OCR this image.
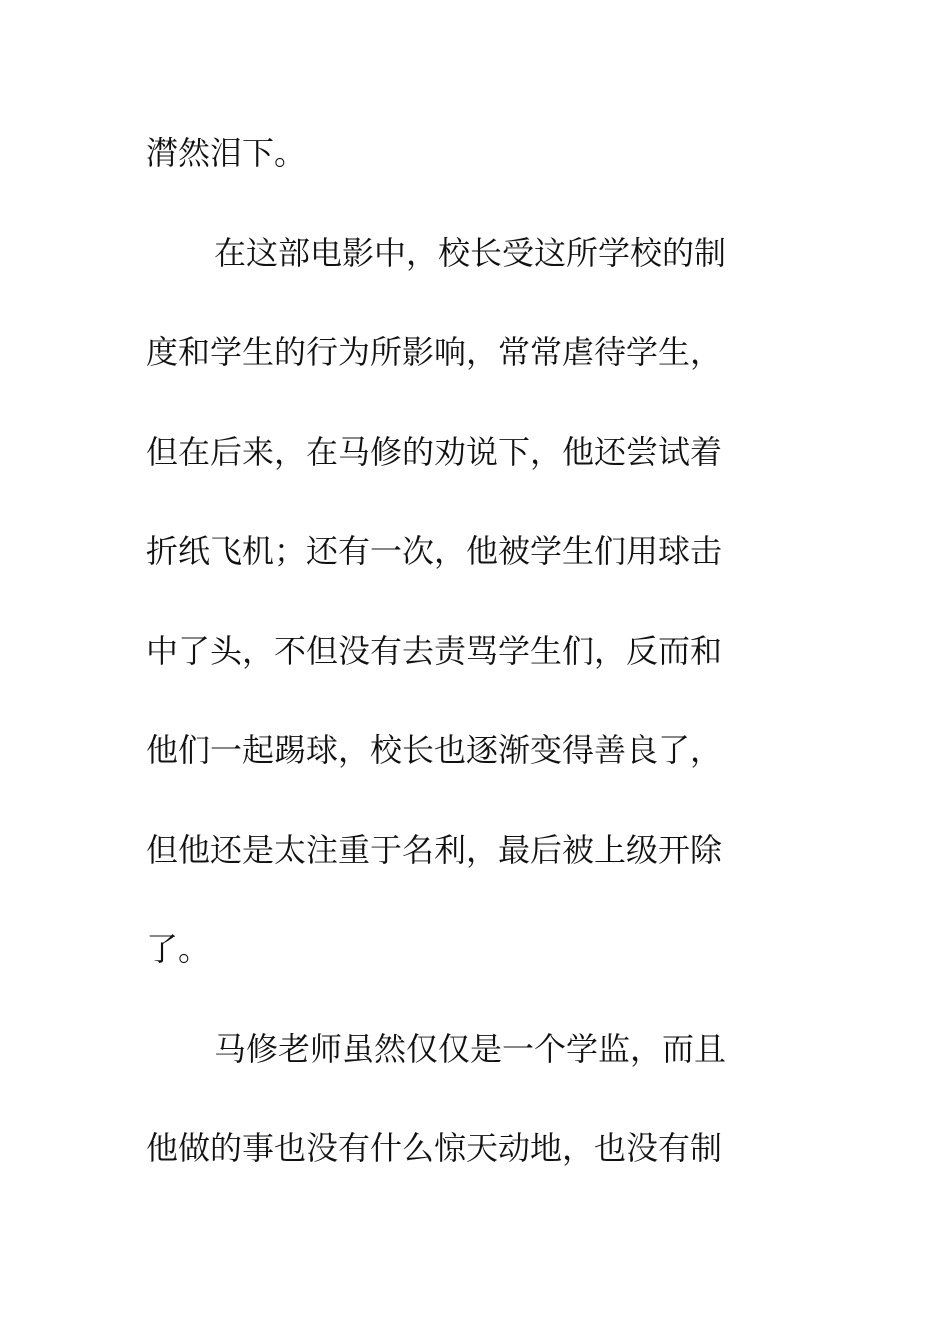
潸然泪下。
在这部电影中，校长受这所学校的制
度和学生的行为所影响，常常虐待学生，
但在后来，在马修的劝说下，他还尝试着
折纸飞机；还有一次，他被学生们用球击
中了头，不但没有去责骂学生们，反而和
他们一起踢球，校长也逐渐变得善良了，
但他还是太注重于名利，最后被上级开除
了。
马修老师虽然仅仅是一个学监，而且
他做的事也没有什么惊天动地，也没有制
